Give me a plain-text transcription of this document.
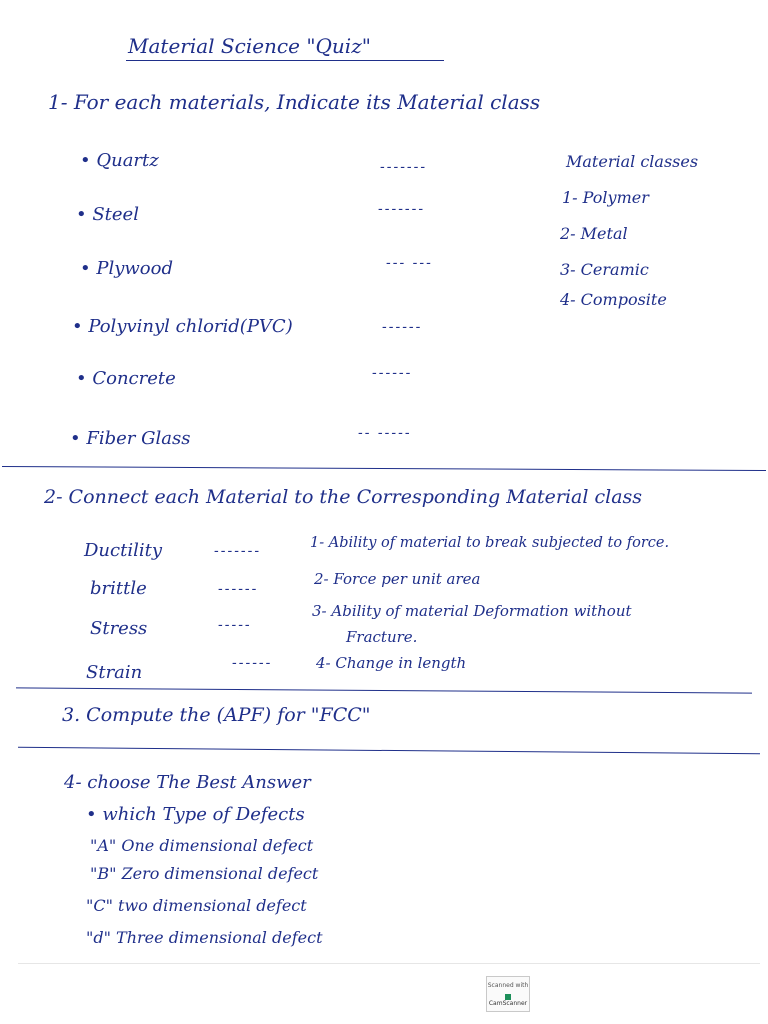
Material Science "Quiz"
1- For each materials, Indicate its Material class
• Quartz	-------
• Steel	-------
• Plywood	--- ---
• Polyvinyl chlorid(PVC)	------
• Concrete	------
• Fiber Glass	-- -----
Material classes
1- Polymer
2- Metal
3- Ceramic
4- Composite
2- Connect each Material to the Corresponding Material class
Ductility	-------
brittle	------
Stress	-----
Strain	------
1- Ability of material to break subjected to force.
2- Force per unit area
3- Ability of material Deformation without
Fracture.
4- Change in length
3. Compute the (APF) for "FCC"
4- choose The Best Answer
• which Type of Defects
"A" One dimensional defect
"B" Zero dimensional defect
"C" two dimensional defect
"d" Three dimensional defect
Scanned with
CamScanner
